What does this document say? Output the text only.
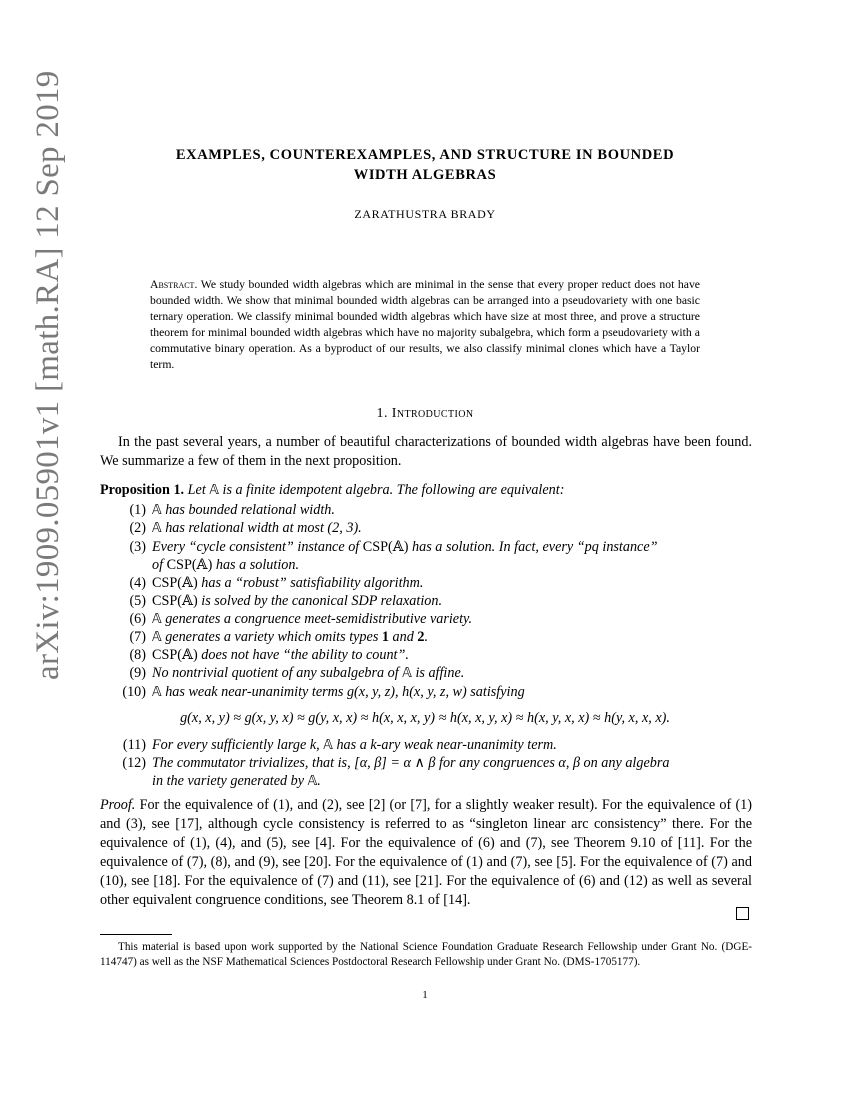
arXiv:1909.05901v1 [math.RA] 12 Sep 2019	EXAMPLES, COUNTEREXAMPLES, AND STRUCTURE IN BOUNDED
WIDTH ALGEBRAS
ZARATHUSTRA BRADY
Abstract. We study bounded width algebras which are minimal in the sense that every proper reduct does not have bounded width. We show that minimal bounded width algebras can be arranged into a pseudovariety with one basic ternary operation. We classify minimal bounded width algebras which have size at most three, and prove a structure theorem for minimal bounded width algebras which have no majority subalgebra, which form a pseudovariety with a commutative binary operation. As a byproduct of our results, we also classify minimal clones which have a Taylor term.
1. Introduction
In the past several years, a number of beautiful characterizations of bounded width algebras have been found. We summarize a few of them in the next proposition.
Proposition 1. Let 𝔸 is a finite idempotent algebra. The following are equivalent:
(1) 𝔸 has bounded relational width.
(2) 𝔸 has relational width at most (2, 3).
(3) Every “cycle consistent” instance of CSP(𝔸) has a solution. In fact, every “pq instance”
of CSP(𝔸) has a solution.
(4) CSP(𝔸) has a “robust” satisfiability algorithm.
(5) CSP(𝔸) is solved by the canonical SDP relaxation.
(6) 𝔸 generates a congruence meet-semidistributive variety.
(7) 𝔸 generates a variety which omits types 1 and 2.
(8) CSP(𝔸) does not have “the ability to count”.
(9) No nontrivial quotient of any subalgebra of 𝔸 is affine.
(10) 𝔸 has weak near-unanimity terms g(x, y, z), h(x, y, z, w) satisfying
g(x, x, y) ≈ g(x, y, x) ≈ g(y, x, x) ≈ h(x, x, x, y) ≈ h(x, x, y, x) ≈ h(x, y, x, x) ≈ h(y, x, x, x).
(11) For every sufficiently large k, 𝔸 has a k-ary weak near-unanimity term.
(12) The commutator trivializes, that is, [α, β] = α ∧ β for any congruences α, β on any algebra
in the variety generated by 𝔸.
Proof. For the equivalence of (1), and (2), see [2] (or [7], for a slightly weaker result). For the equivalence of (1) and (3), see [17], although cycle consistency is referred to as “singleton linear arc consistency” there. For the equivalence of (1), (4), and (5), see [4]. For the equivalence of (6) and (7), see Theorem 9.10 of [11]. For the equivalence of (7), (8), and (9), see [20]. For the equivalence of (1) and (7), see [5]. For the equivalence of (7) and (10), see [18]. For the equivalence of (7) and (11), see [21]. For the equivalence of (6) and (12) as well as several other equivalent congruence conditions, see Theorem 8.1 of [14].
This material is based upon work supported by the National Science Foundation Graduate Research Fellowship under Grant No. (DGE-114747) as well as the NSF Mathematical Sciences Postdoctoral Research Fellowship under Grant No. (DMS-1705177).
1
